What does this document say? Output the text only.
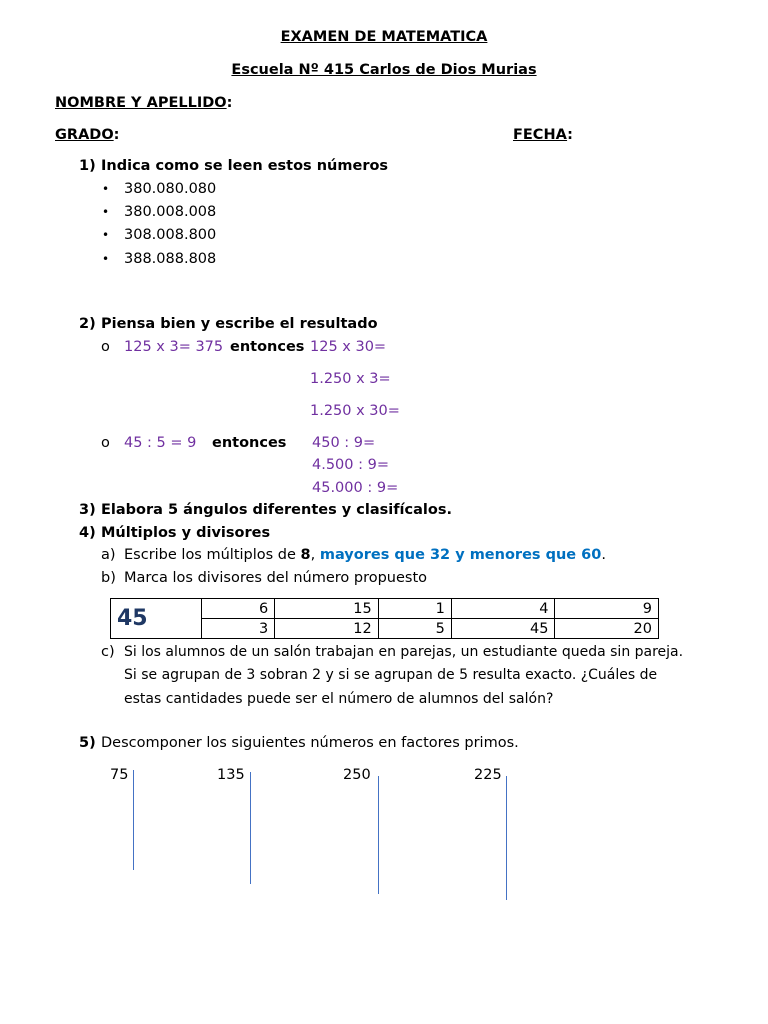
EXAMEN DE MATEMATICA
Escuela Nº 415 Carlos de Dios Murias
NOMBRE Y APELLIDO:
GRADO:	FECHA:
1) Indica como se leen estos números
• 380.080.080
• 380.008.008
• 308.008.800
• 388.088.808
2) Piensa bien y escribe el resultado
o 125 x 3= 375 entonces 125 x 30=
1.250 x 3=
1.250 x 30=
o 45 : 5 = 9 entonces 450 : 9=
4.500 : 9=
45.000 : 9=
3) Elabora 5 ángulos diferentes y clasifícalos.
4) Múltiplos y divisores
a) Escribe los múltiplos de 8, mayores que 32 y menores que 60.
b) Marca los divisores del número propuesto
45	6	15	1	4	9
	3	12	5	45	20
c) Si los alumnos de un salón trabajan en parejas, un estudiante queda sin pareja.
Si se agrupan de 3 sobran 2 y si se agrupan de 5 resulta exacto. ¿Cuáles de
estas cantidades puede ser el número de alumnos del salón?
5) Descomponer los siguientes números en factores primos.
75	135	250	225
